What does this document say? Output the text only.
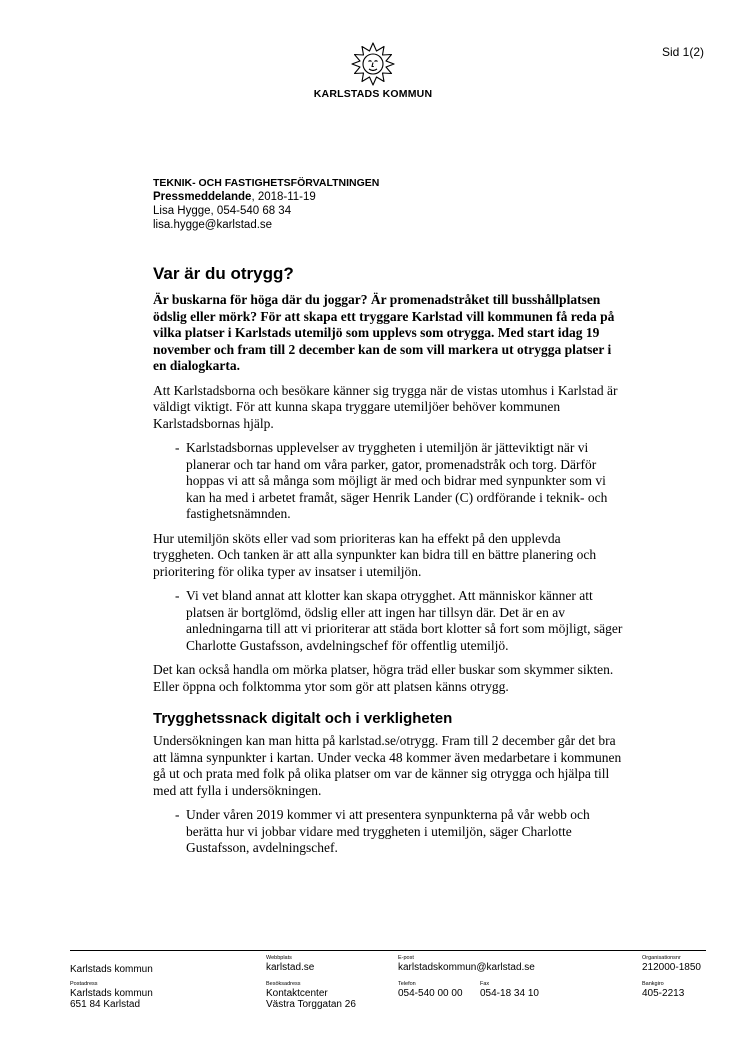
Sid 1(2)
KARLSTADS KOMMUN
TEKNIK- OCH FASTIGHETSFÖRVALTNINGEN
Pressmeddelande, 2018-11-19
Lisa Hygge, 054-540 68 34
lisa.hygge@karlstad.se
Var är du otrygg?

Är buskarna för höga där du joggar? Är promenadstråket till busshållplatsen ödslig eller mörk? För att skapa ett tryggare Karlstad vill kommunen få reda på vilka platser i Karlstads utemiljö som upplevs som otrygga. Med start idag 19 november och fram till 2 december kan de som vill markera ut otrygga platser i en dialogkarta.

Att Karlstadsborna och besökare känner sig trygga när de vistas utomhus i Karlstad är väldigt viktigt. För att kunna skapa tryggare utemiljöer behöver kommunen Karlstadsbornas hjälp.

- Karlstadsbornas upplevelser av tryggheten i utemiljön är jätteviktigt när vi planerar och tar hand om våra parker, gator, promenadstråk och torg. Därför hoppas vi att så många som möjligt är med och bidrar med synpunkter som vi kan ha med i arbetet framåt, säger Henrik Lander (C) ordförande i teknik- och fastighetsnämnden.

Hur utemiljön sköts eller vad som prioriteras kan ha effekt på den upplevda tryggheten. Och tanken är att alla synpunkter kan bidra till en bättre planering och prioritering för olika typer av insatser i utemiljön.

- Vi vet bland annat att klotter kan skapa otrygghet. Att människor känner att platsen är bortglömd, ödslig eller att ingen har tillsyn där. Det är en av anledningarna till att vi prioriterar att städa bort klotter så fort som möjligt, säger Charlotte Gustafsson, avdelningschef för offentlig utemiljö.

Det kan också handla om mörka platser, högra träd eller buskar som skymmer sikten. Eller öppna och folktomma ytor som gör att platsen känns otrygg.

Trygghetssnack digitalt och i verkligheten

Undersökningen kan man hitta på karlstad.se/otrygg. Fram till 2 december går det bra att lämna synpunkter i kartan. Under vecka 48 kommer även medarbetare i kommunen gå ut och prata med folk på olika platser om var de känner sig otrygga och hjälpa till med att fylla i undersökningen.

- Under våren 2019 kommer vi att presentera synpunkterna på vår webb och berätta hur vi jobbar vidare med tryggheten i utemiljön, säger Charlotte Gustafsson, avdelningschef.

Karlstads kommun
Webbplats
karlstad.se
E-post
karlstadskommun@karlstad.se
Organisationsnr
212000-1850
Postadress
Karlstads kommun
651 84 Karlstad
Besöksadress
Kontaktcenter
Västra Torggatan 26
Telefon
054-540 00 00
Fax
054-18 34 10
Bankgiro
405-2213
